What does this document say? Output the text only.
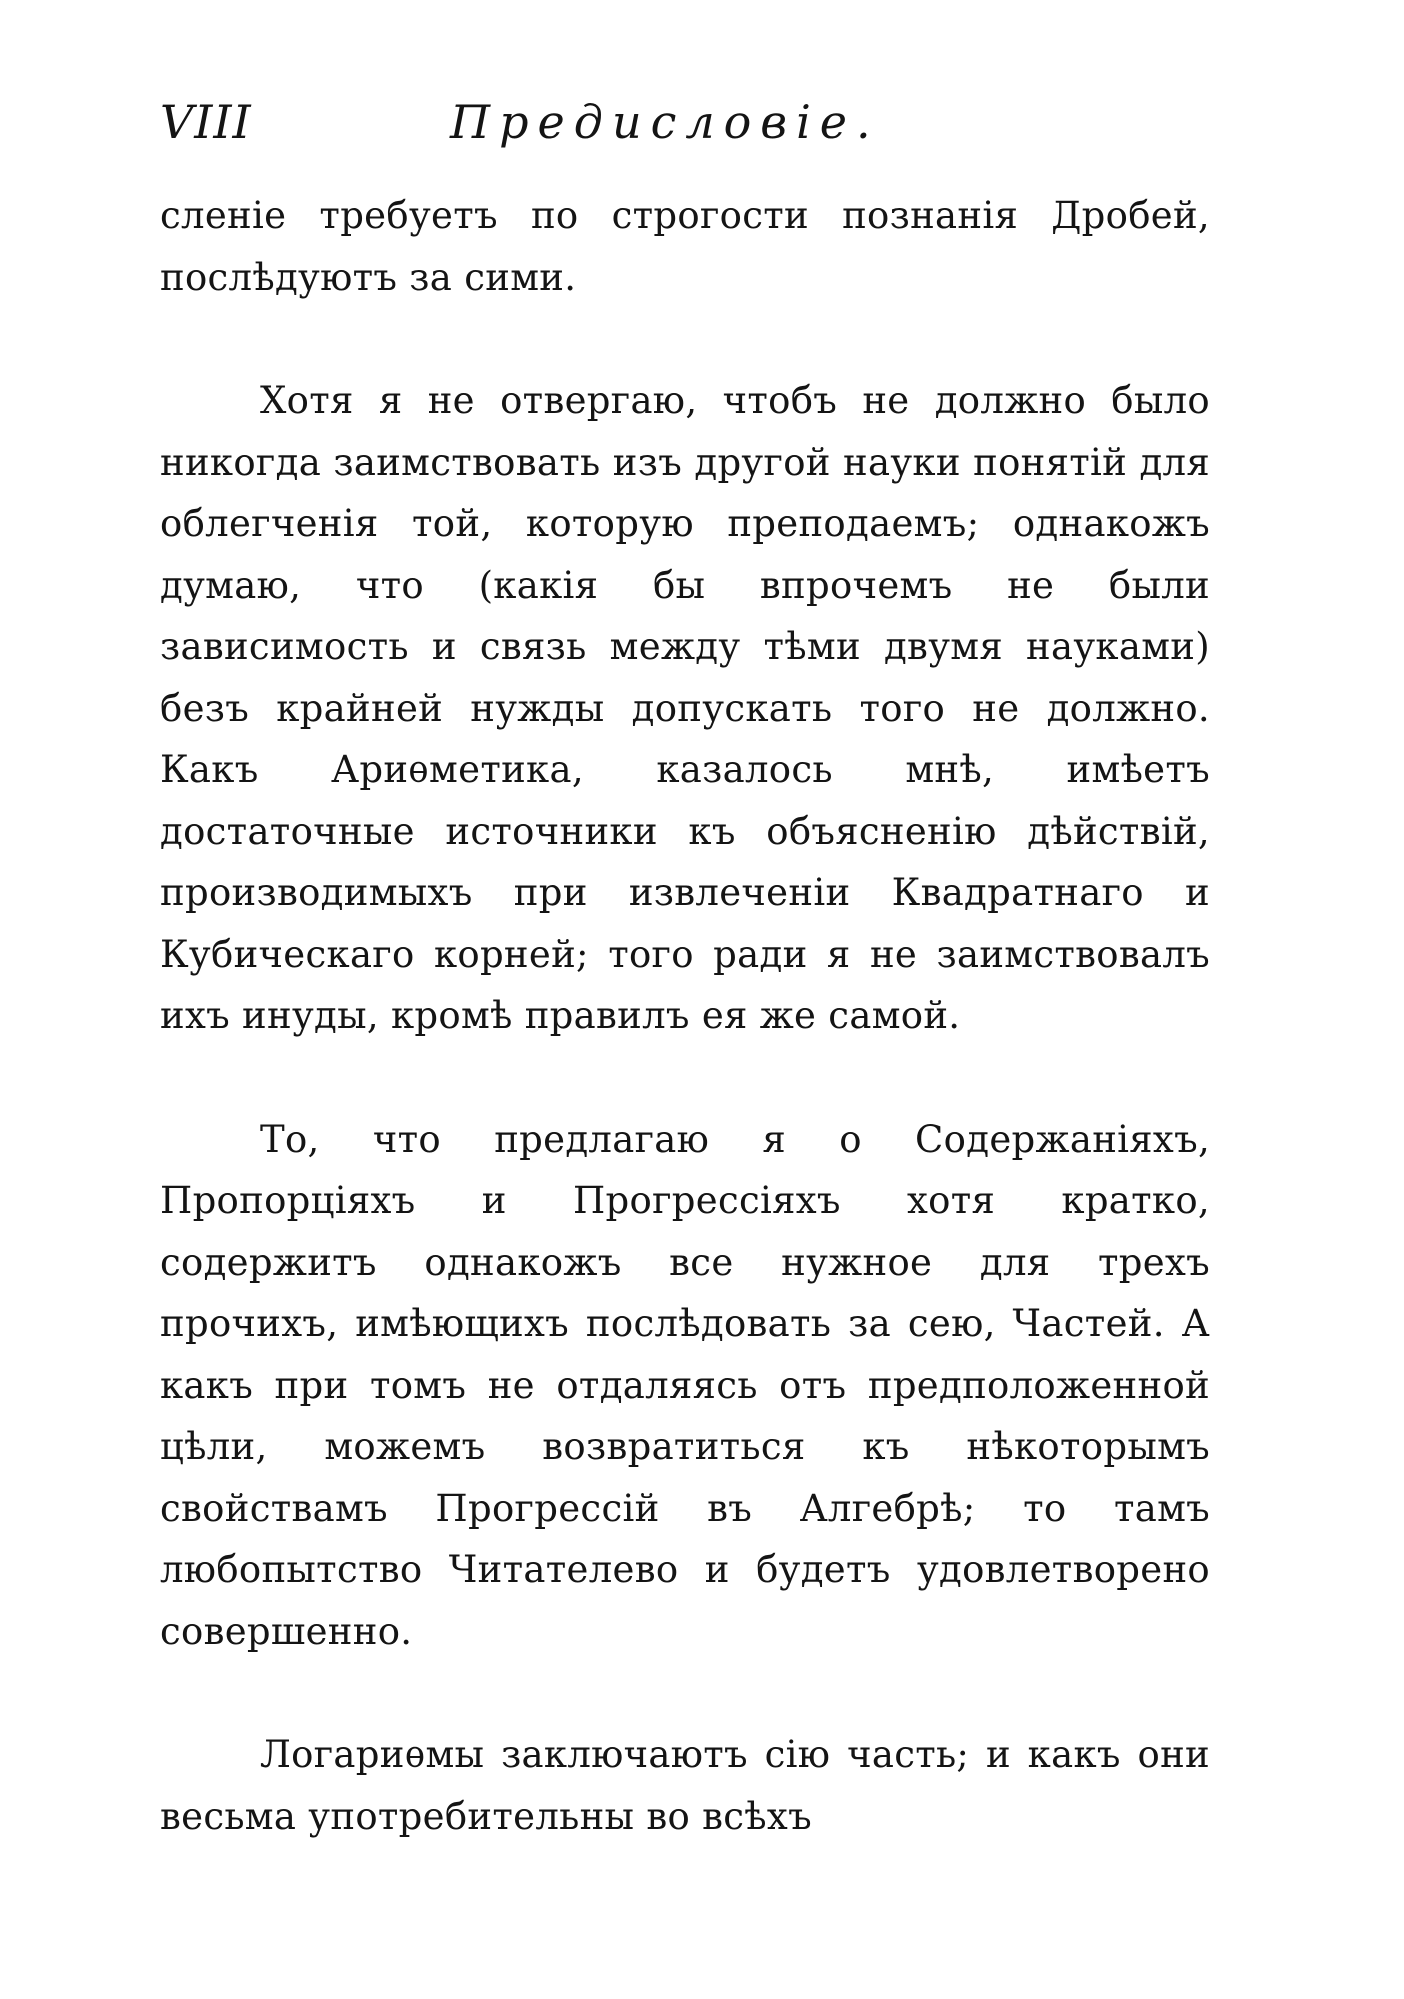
VIII	Предисловіе.

сленіе требуетъ по строгости познанія Дробей, послѣдуютъ за сими.

Хотя я не отвергаю, чтобъ не должно было никогда заимствовать изъ другой науки понятій для облегченія той, которую преподаемъ; однакожъ думаю, что (какія бы впрочемъ не были зависимость и связь между тѣми двумя науками) безъ крайней нужды допускать того не должно. Какъ Ариѳметика, казалось мнѣ, имѣетъ достаточные источники къ объясненію дѣйствій, производимыхъ при извлеченіи Квадратнаго и Кубическаго корней; того ради я не заимствовалъ ихъ инуды, кромѣ правилъ ея же самой.

То, что предлагаю я о Содержаніяхъ, Пропорціяхъ и Прогрессіяхъ хотя кратко, содержитъ однакожъ все нужное для трехъ прочихъ, имѣющихъ послѣдовать за сею, Частей. А какъ при томъ не отдаляясь отъ предположенной цѣли, можемъ возвратиться къ нѣкоторымъ свойствамъ Прогрессій въ Алгебрѣ; то тамъ любопытство Читателево и будетъ удовлетворено совершенно.

Логариѳмы заключаютъ сію часть; и какъ они весьма употребительны во всѣхъ
